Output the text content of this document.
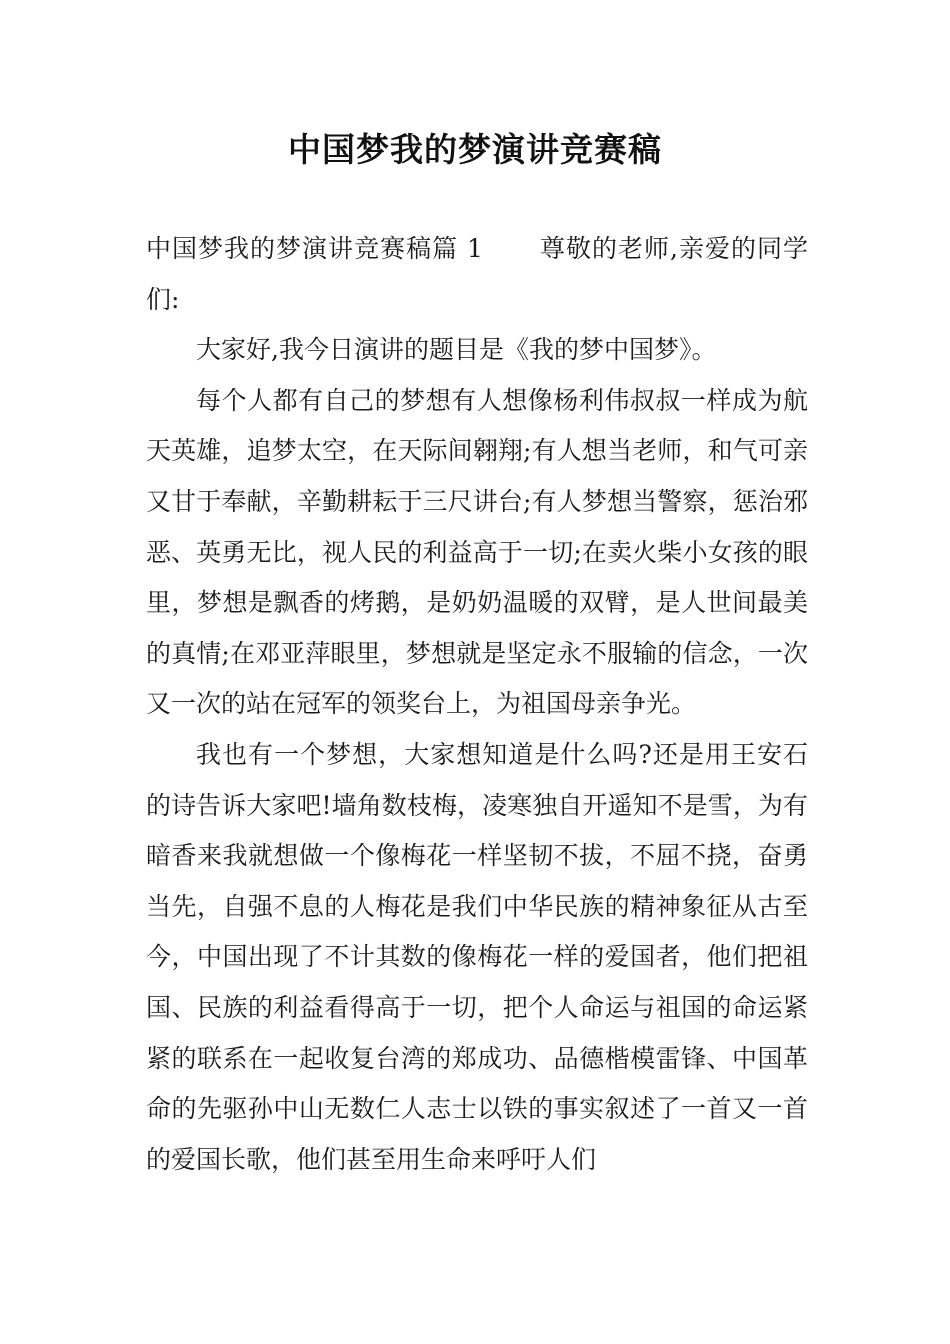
中国梦我的梦演讲竞赛稿

中国梦我的梦演讲竞赛稿篇 1 尊敬的老师,亲爱的同学们:

大家好,我今日演讲的题目是《我的梦中国梦》。

每个人都有自己的梦想有人想像杨利伟叔叔一样成为航天英雄，追梦太空，在天际间翱翔;有人想当老师，和气可亲又甘于奉献，辛勤耕耘于三尺讲台;有人梦想当警察，惩治邪恶、英勇无比，视人民的利益高于一切;在卖火柴小女孩的眼里，梦想是飘香的烤鹅，是奶奶温暖的双臂，是人世间最美的真情;在邓亚萍眼里，梦想就是坚定永不服输的信念，一次又一次的站在冠军的领奖台上，为祖国母亲争光。

我也有一个梦想，大家想知道是什么吗?还是用王安石的诗告诉大家吧!墙角数枝梅，凌寒独自开遥知不是雪，为有暗香来我就想做一个像梅花一样坚韧不拔，不屈不挠，奋勇当先，自强不息的人梅花是我们中华民族的精神象征从古至今，中国出现了不计其数的像梅花一样的爱国者，他们把祖国、民族的利益看得高于一切，把个人命运与祖国的命运紧紧的联系在一起收复台湾的郑成功、品德楷模雷锋、中国革命的先驱孙中山无数仁人志士以铁的事实叙述了一首又一首的爱国长歌，他们甚至用生命来呼吁人们
